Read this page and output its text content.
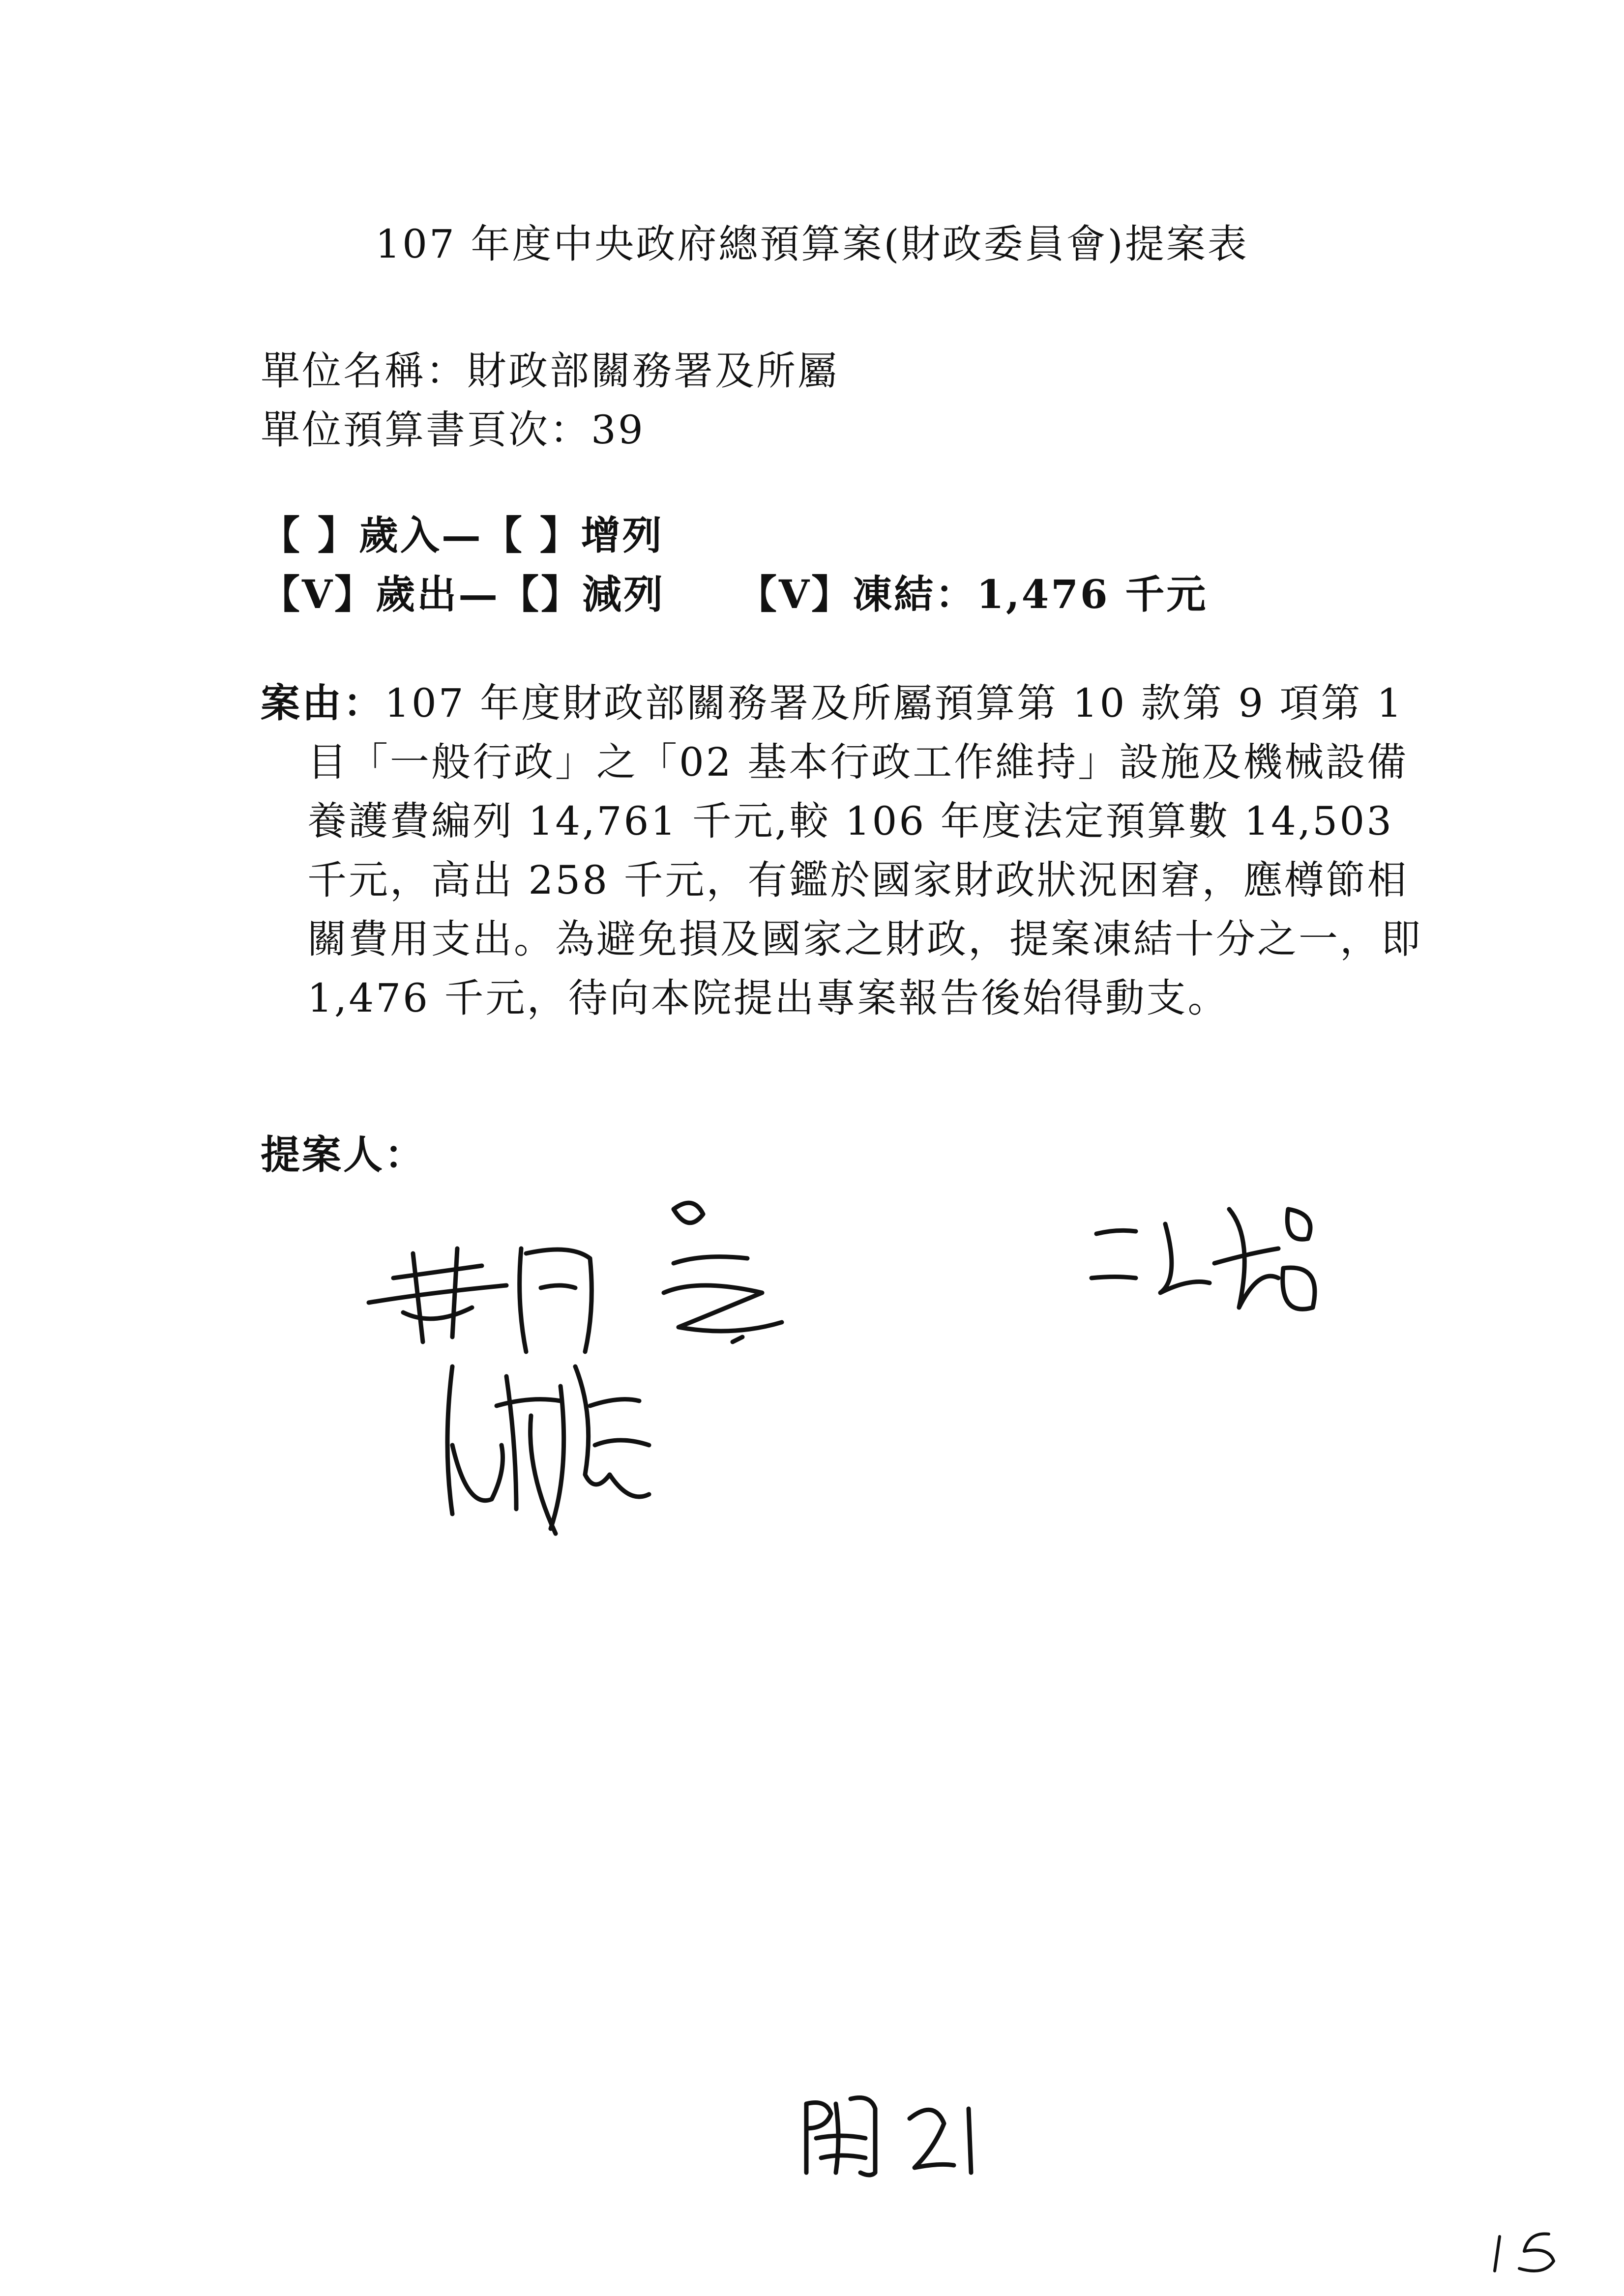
107 年度中央政府總預算案(財政委員會)提案表
單位名稱：財政部關務署及所屬
單位預算書頁次：39
【 】歲入—【 】增列
【V】歲出—【】減列 【V】凍結：1,476 千元
案由：107 年度財政部關務署及所屬預算第 10 款第 9 項第 1 目「一般行政」之「02 基本行政工作維持」設施及機械設備養護費編列 14,761 千元,較 106 年度法定預算數 14,503 千元，高出 258 千元，有鑑於國家財政狀況困窘，應樽節相關費用支出。為避免損及國家之財政，提案凍結十分之一，即 1,476 千元，待向本院提出專案報告後始得動支。
提案人：
